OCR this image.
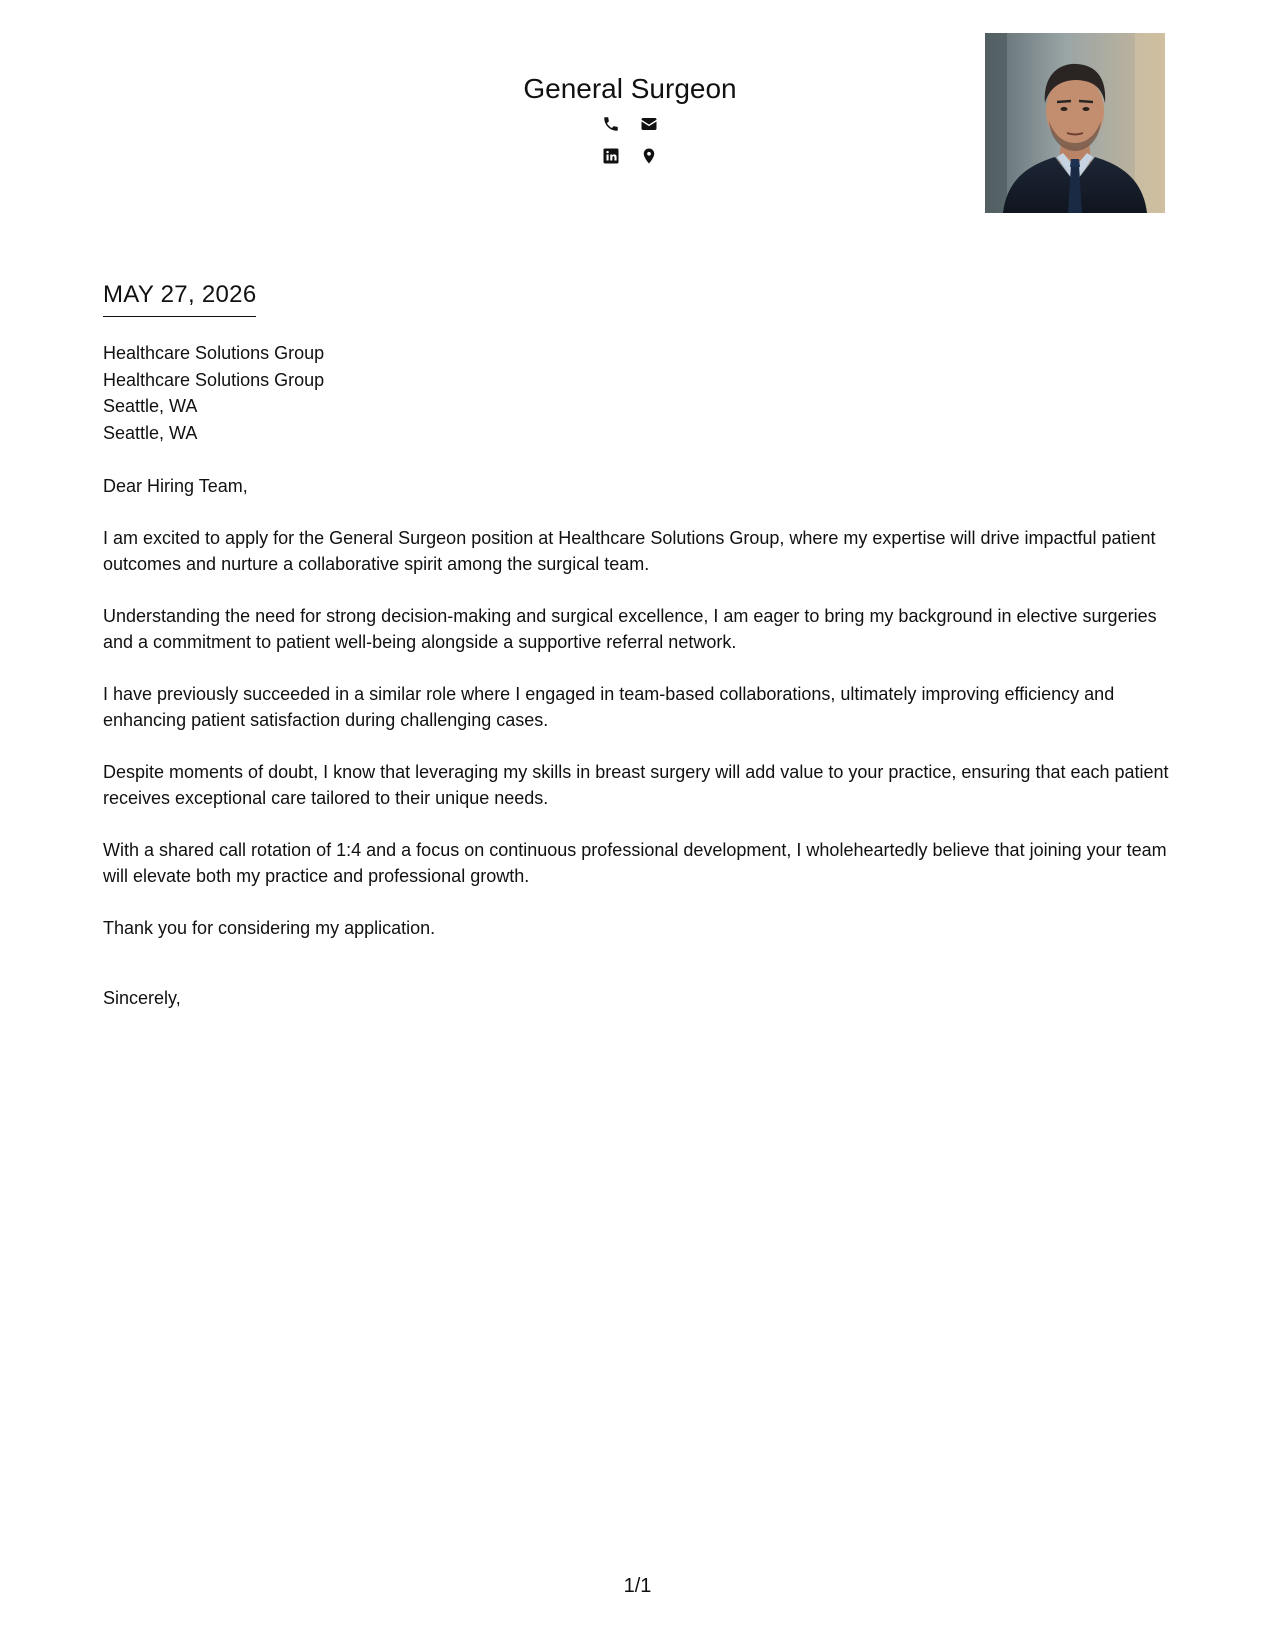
General Surgeon
MAY 27, 2026
Healthcare Solutions Group
Healthcare Solutions Group
Seattle, WA
Seattle, WA

Dear Hiring Team,

I am excited to apply for the General Surgeon position at Healthcare Solutions Group, where my expertise will drive impactful patient outcomes and nurture a collaborative spirit among the surgical team.

Understanding the need for strong decision-making and surgical excellence, I am eager to bring my background in elective surgeries and a commitment to patient well-being alongside a supportive referral network.

I have previously succeeded in a similar role where I engaged in team-based collaborations, ultimately improving efficiency and enhancing patient satisfaction during challenging cases.

Despite moments of doubt, I know that leveraging my skills in breast surgery will add value to your practice, ensuring that each patient receives exceptional care tailored to their unique needs.

With a shared call rotation of 1:4 and a focus on continuous professional development, I wholeheartedly believe that joining your team will elevate both my practice and professional growth.

Thank you for considering my application.

Sincerely,

1/1
